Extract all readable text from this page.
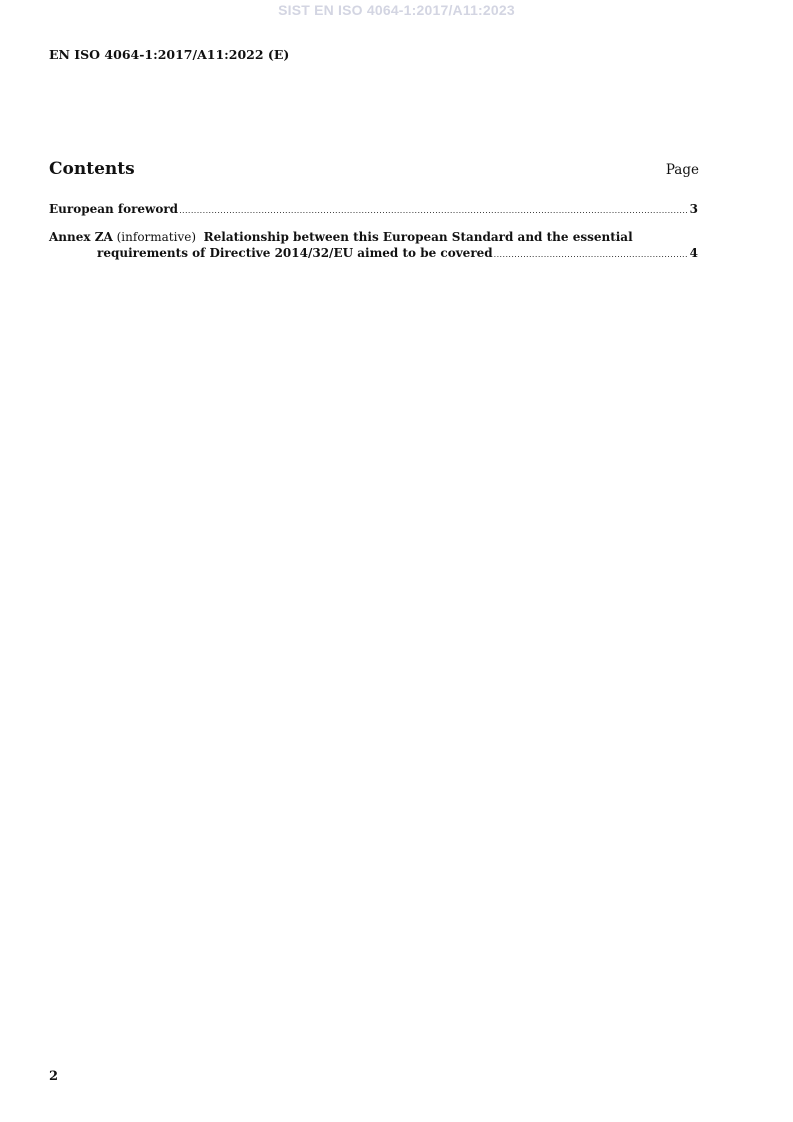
SIST EN ISO 4064-1:2017/A11:2023
EN ISO 4064-1:2017/A11:2022 (E)
Contents	Page
European foreword .....	3
Annex ZA
(informative)
Relationship between this European Standard and the essential
requirements of Directive 2014/32/EU aimed to be covered .....	4
2
